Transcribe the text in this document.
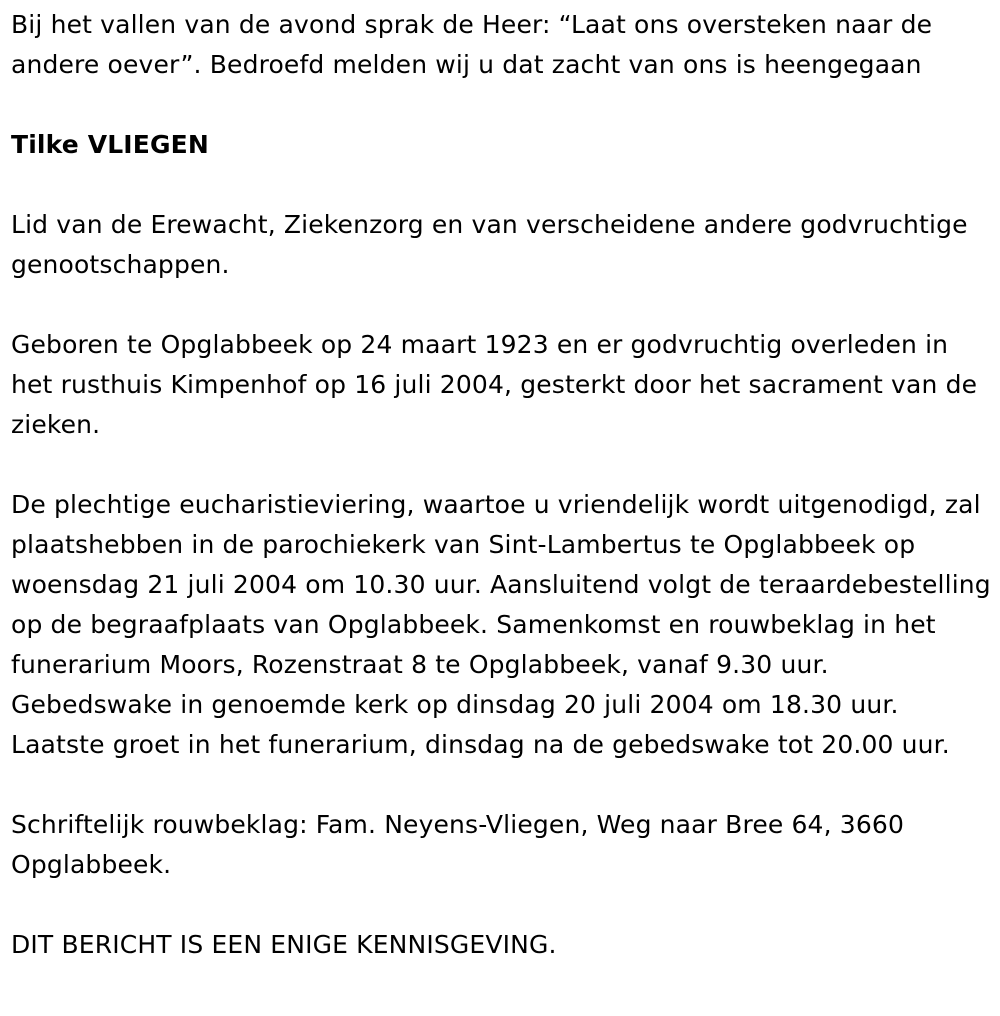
Bij het vallen van de avond sprak de Heer: “Laat ons oversteken naar de andere oever”. Bedroefd melden wij u dat zacht van ons is heengegaan

Tilke VLIEGEN

Lid van de Erewacht, Ziekenzorg en van verscheidene andere godvruchtige genootschappen.

Geboren te Opglabbeek op 24 maart 1923 en er godvruchtig overleden in het rusthuis Kimpenhof op 16 juli 2004, gesterkt door het sacrament van de zieken.

De plechtige eucharistieviering, waartoe u vriendelijk wordt uitgenodigd, zal plaatshebben in de parochiekerk van Sint-Lambertus te Opglabbeek op woensdag 21 juli 2004 om 10.30 uur. Aansluitend volgt de teraardebestelling op de begraafplaats van Opglabbeek. Samenkomst en rouwbeklag in het funerarium Moors, Rozenstraat 8 te Opglabbeek, vanaf 9.30 uur. Gebedswake in genoemde kerk op dinsdag 20 juli 2004 om 18.30 uur. Laatste groet in het funerarium, dinsdag na de gebedswake tot 20.00 uur.

Schriftelijk rouwbeklag: Fam. Neyens-Vliegen, Weg naar Bree 64, 3660 Opglabbeek.

DIT BERICHT IS EEN ENIGE KENNISGEVING.
